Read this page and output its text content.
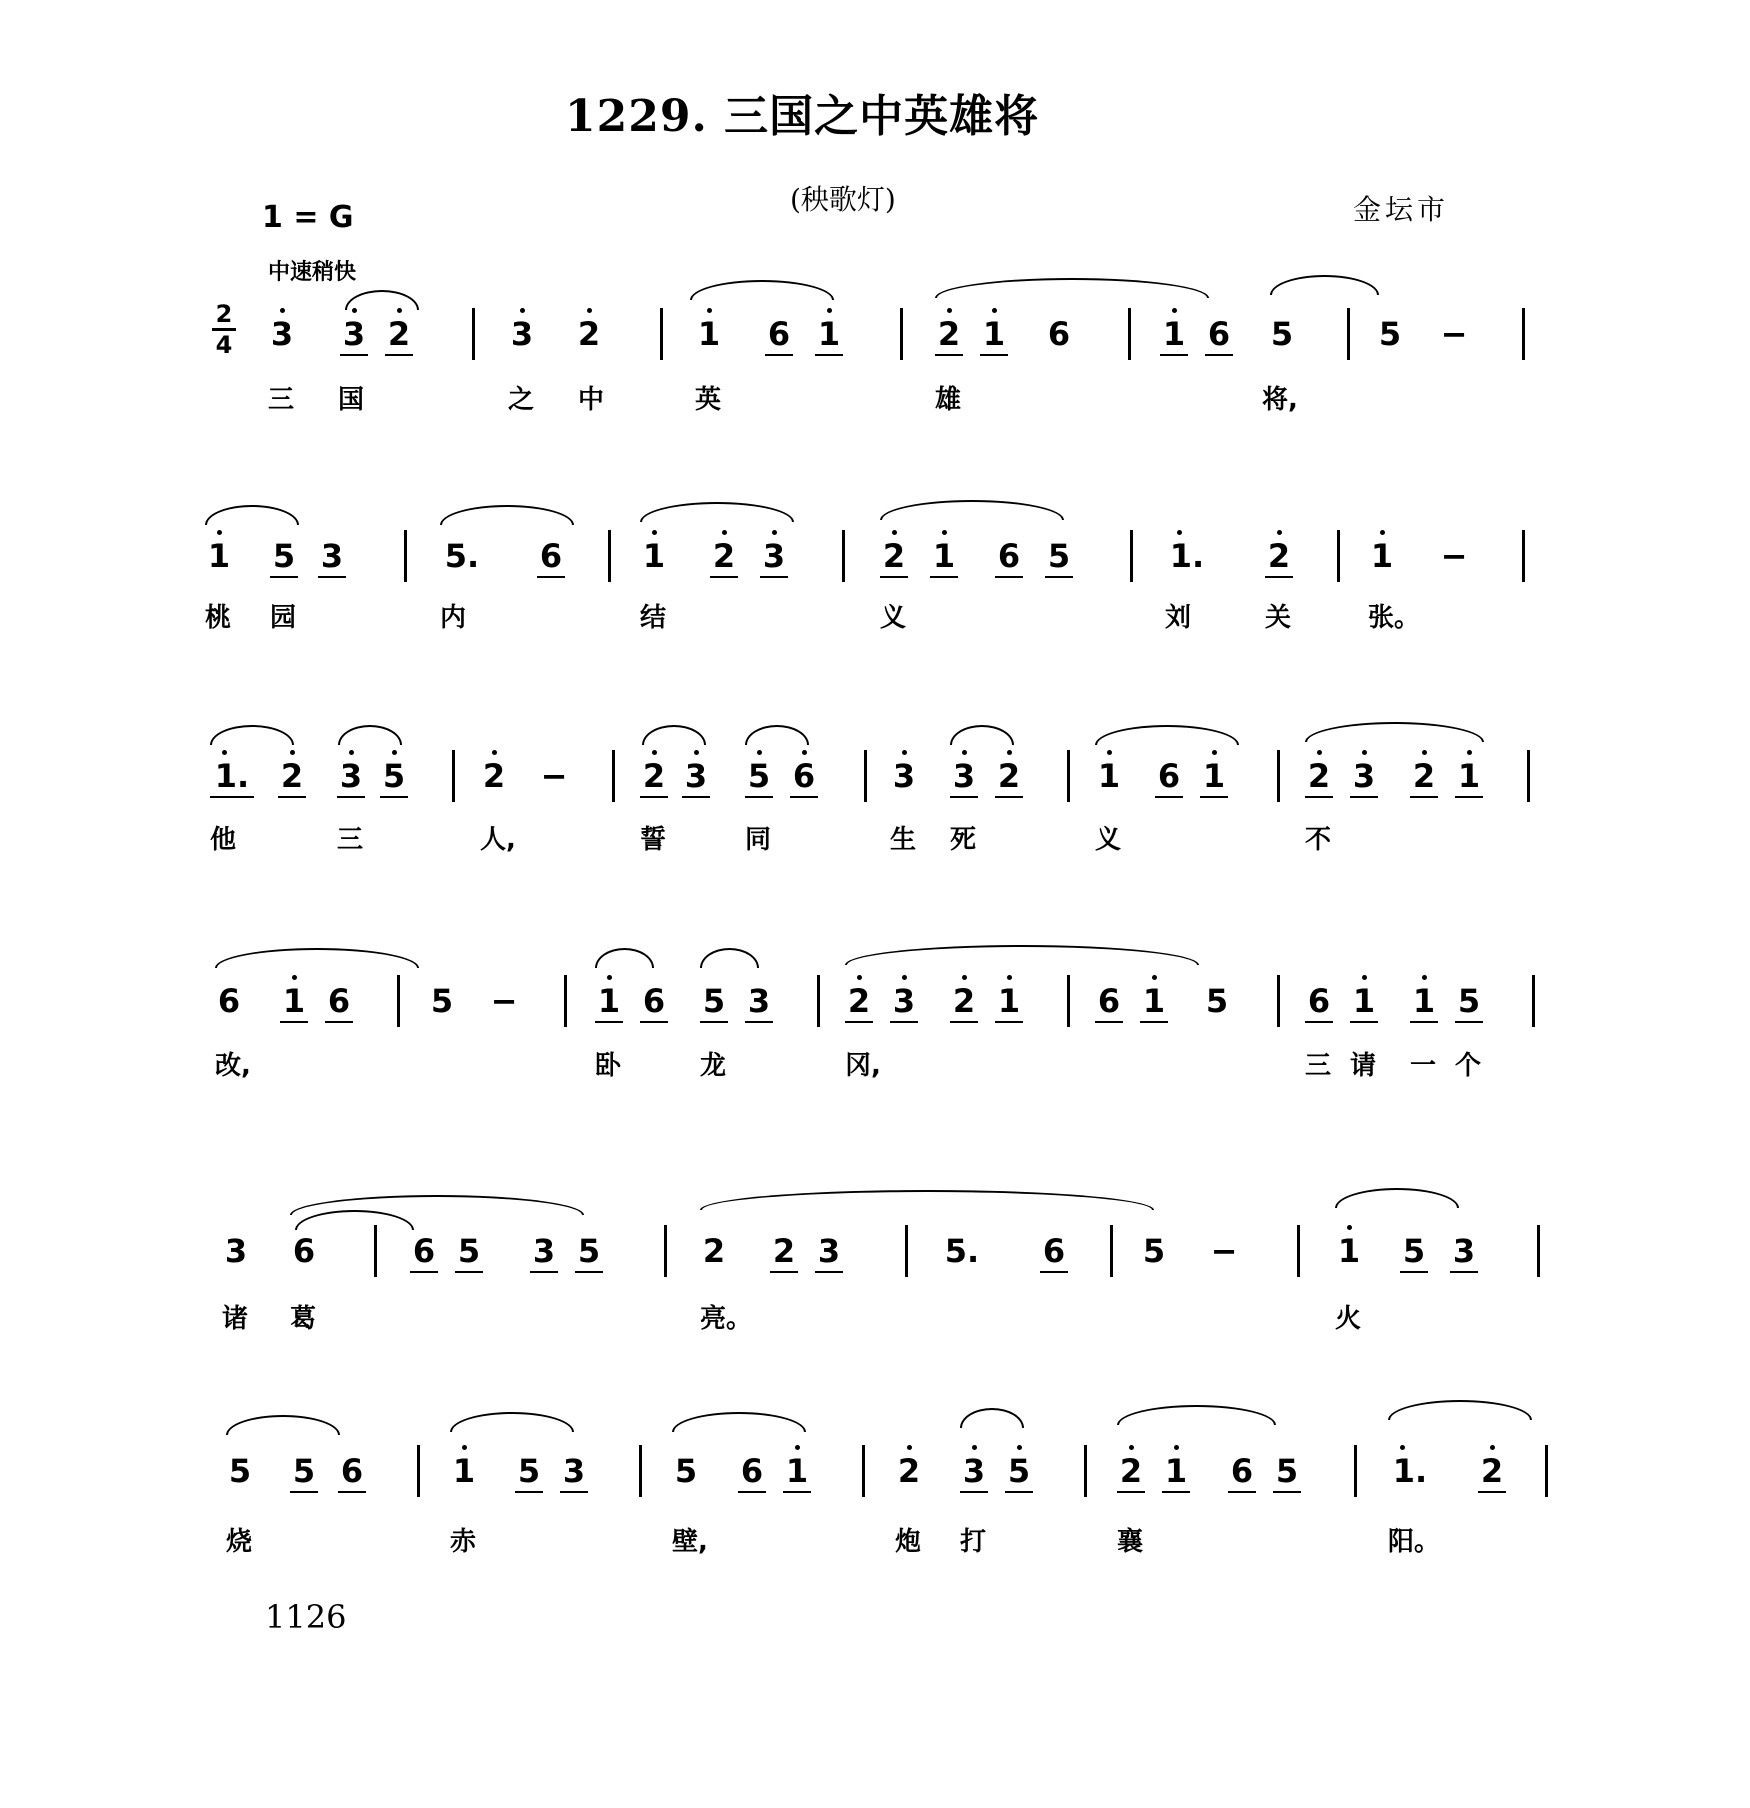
1229. 三国之中英雄将
(秧歌灯)	金坛市
1 = G
中速稍快
2
4 3 3 2	3 2	1 6 1	2 1 6	1 6 5	5 −
三 国	之 中	英	雄	将,
1 5 3	5. 6	1 2 3	2 1 6 5	1. 2	1 −
桃 园	内	结	义	刘	关	张。
1. 2 3 5 2 − 2 3 5 6 3 3 2 1 6 1	2 3 2 1
他	三	人,	誓	同	生 死	义	不
6 1 6	5 −	1 6 5 3 2 3 2 1 6 1 5 6 1 1 5
改,	卧	龙	冈,	三 请 一 个
3 6	6 5 3 5	2 2 3	5. 6 5 −	1 5 3
诸 葛	亮。	火
5 5 6	1 5 3	5 6 1	2 3 5	2 1 6 5	1. 2
烧	赤	壁,	炮 打	襄	阳。
1126
